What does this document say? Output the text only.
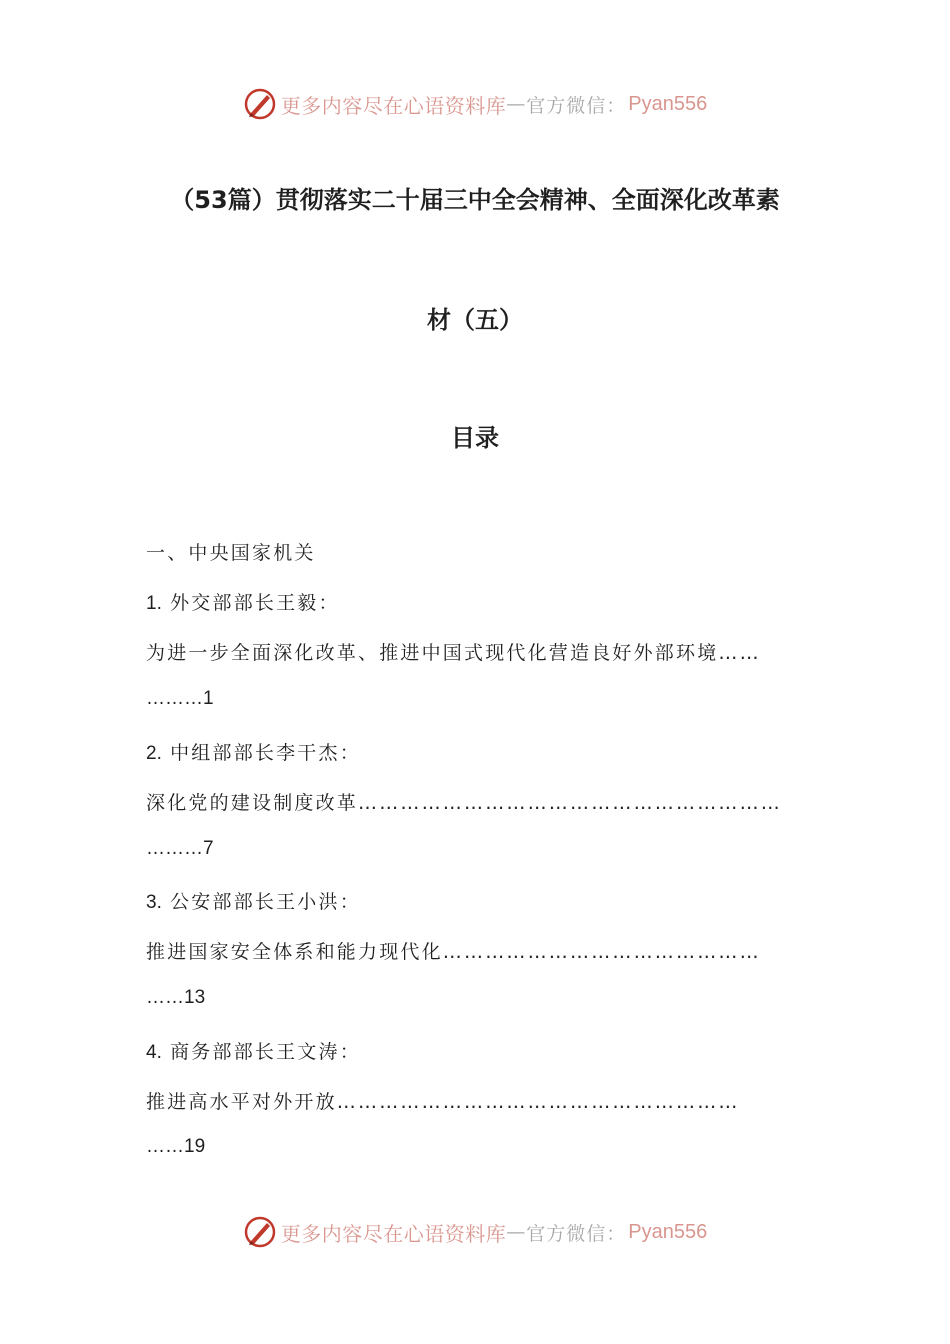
更多内容尽在心语资料库 — 官方微信： Pyan556
（53篇）贯彻落实二十届三中全会精神、全面深化改革素
材（五）
目录
一、中央国家机关
1. 外交部部长王毅：
为进一步全面深化改革、推进中国式现代化营造良好外部环境……
………1
2. 中组部部长李干杰：
深化党的建设制度改革……………………………………………………
………7
3. 公安部部长王小洪：
推进国家安全体系和能力现代化………………………………………
……13
4. 商务部部长王文涛：
推进高水平对外开放…………………………………………………
……19
更多内容尽在心语资料库 — 官方微信： Pyan556
